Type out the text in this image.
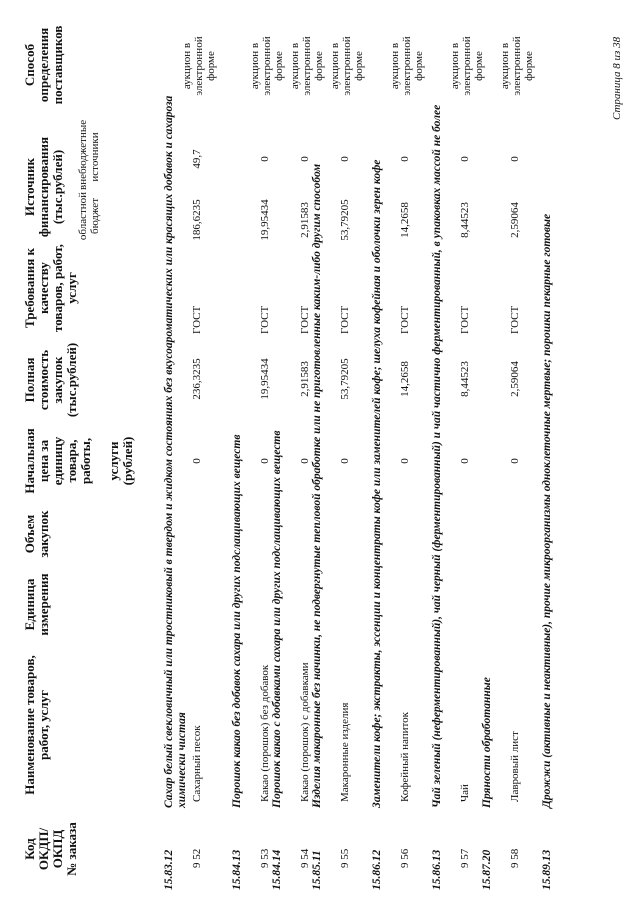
Код ОКДП/ ОКПД № заказа
Наименование товаров, работ, услуг
Единица измерения
Объем закупок
Начальная цена за единицу товара, работы, услуги (рублей)
Полная стоимость закупок (тыс.рублей)
Требования к качеству товаров, работ, услуг
Источник финансирования (тыс.рублей) областной бюджет
внебюджетные источники
Способ определения поставщиков
15.83.12
Сахар белый свекловичный или тростниковый в твердом и жидком состояниях без вкусоароматических или красящих добавок и сахароза химически чистая
9 52
Сахарный песок
0
236,3235
ГОСТ
186,6235
49,7
аукцион в электронной форме
15.84.13
Порошок какао без добавок сахара или других подслащивающих веществ
9 53
Какао (порошок) без добавок
0
19,95434
ГОСТ
19,95434
0
аукцион в электронной форме
15.84.14
Порошок какао с добавками сахара или других подслащивающих веществ
9 54
Какао (порошок) с добавками
0
2,91583
ГОСТ
2,91583
0
аукцион в электронной форме
15.85.11
Изделия макаронные без начинки, не подвергнутые тепловой обработке или не приготовленные каким-либо другим способом
9 55
Макаронные изделия
0
53,79205
ГОСТ
53,79205
0
аукцион в электронной форме
15.86.12
Заменители кофе; экстракты, эссенции и концентраты кофе или заменителей кофе; шелуха кофейная и оболочки зерен кофе
9 56
Кофейный напиток
0
14,2658
ГОСТ
14,2658
0
аукцион в электронной форме
15.86.13
Чай зеленый (неферментированный), чай черный (ферментированный) и чай частично ферментированный, в упаковках массой не более
9 57
Чай
0
8,44523
ГОСТ
8,44523
0
аукцион в электронной форме
15.87.20
Пряности обработанные
9 58
Лавровый лист
0
2,59064
ГОСТ
2,59064
0
аукцион в электронной форме
15.89.13
Дрожжи (активные и неактивные), прочие микроорганизмы одноклеточные мертвые; порошки пекарные готовые
Страница 8 из 38
